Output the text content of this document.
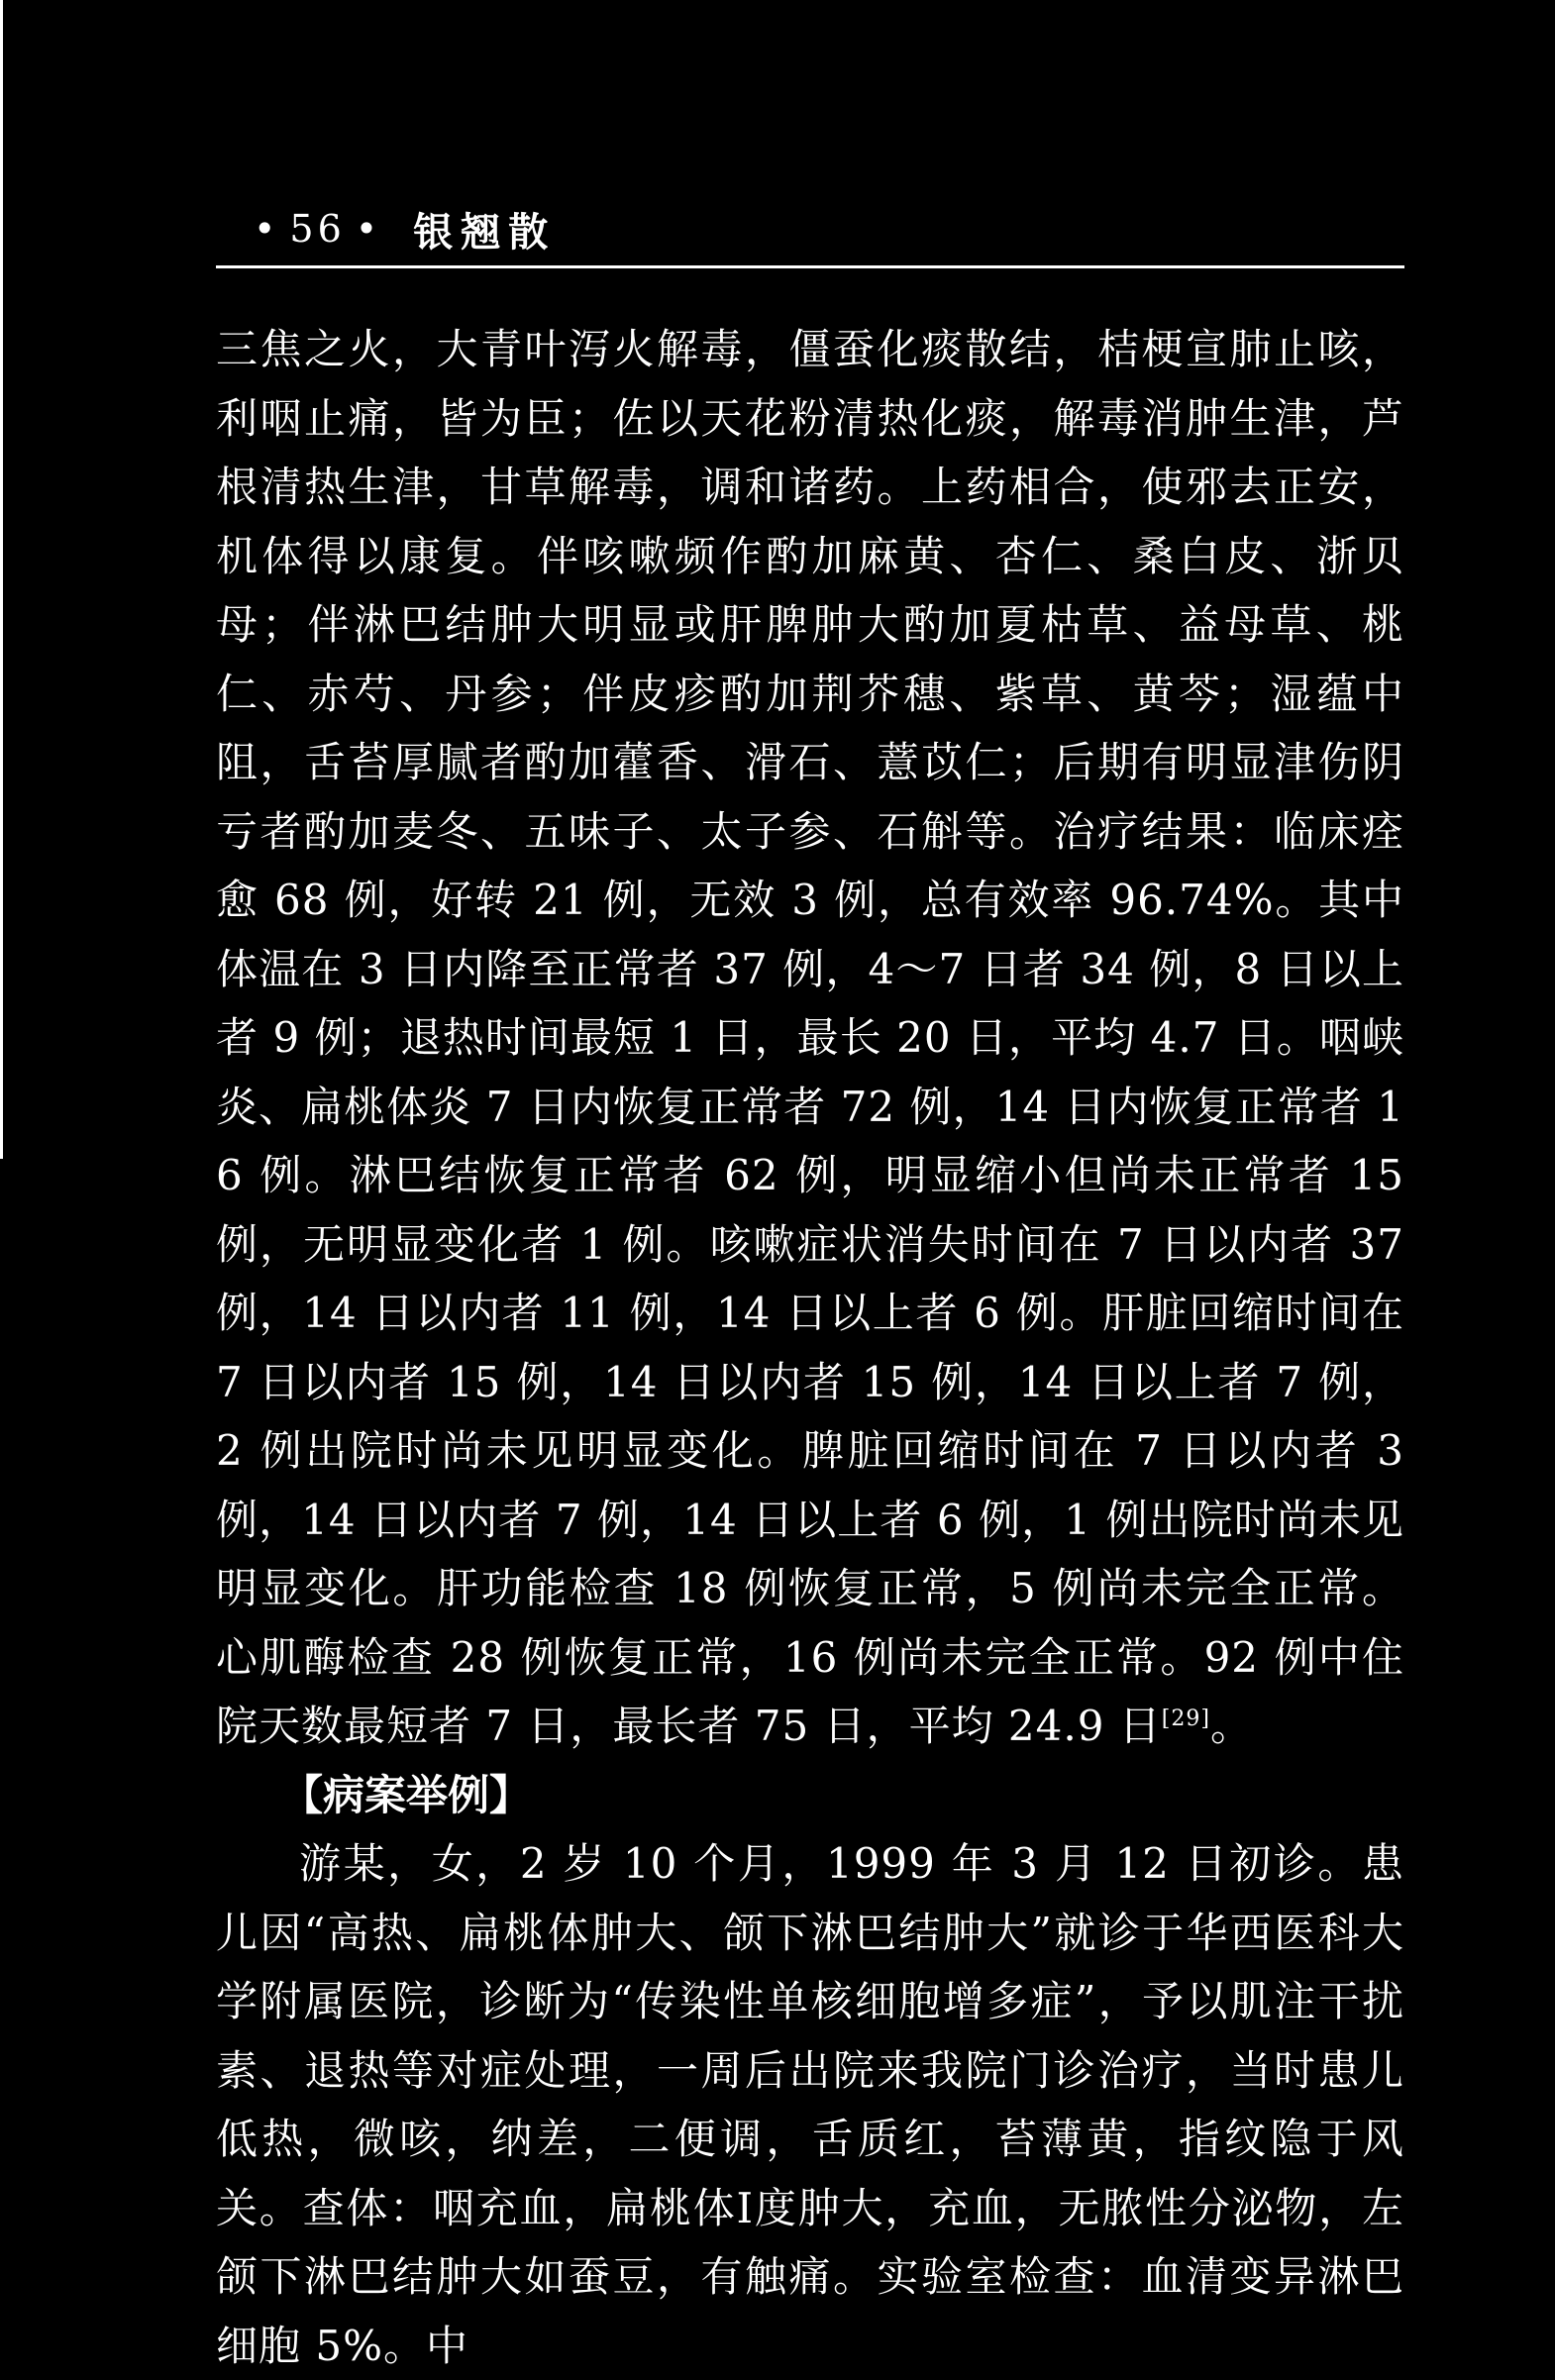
• 56 • 银翘散

三焦之火，大青叶泻火解毒，僵蚕化痰散结，桔梗宣肺止咳，利咽止痛，皆为臣；佐以天花粉清热化痰，解毒消肿生津，芦根清热生津，甘草解毒，调和诸药。上药相合，使邪去正安，机体得以康复。伴咳嗽频作酌加麻黄、杏仁、桑白皮、浙贝母；伴淋巴结肿大明显或肝脾肿大酌加夏枯草、益母草、桃仁、赤芍、丹参；伴皮疹酌加荆芥穗、紫草、黄芩；湿蕴中阻，舌苔厚腻者酌加藿香、滑石、薏苡仁；后期有明显津伤阴亏者酌加麦冬、五味子、太子参、石斛等。治疗结果：临床痊愈 68 例，好转 21 例，无效 3 例，总有效率 96.74%。其中体温在 3 日内降至正常者 37 例，4～7 日者 34 例，8 日以上者 9 例；退热时间最短 1 日，最长 20 日，平均 4.7 日。咽峡炎、扁桃体炎 7 日内恢复正常者 72 例，14 日内恢复正常者 16 例。淋巴结恢复正常者 62 例，明显缩小但尚未正常者 15 例，无明显变化者 1 例。咳嗽症状消失时间在 7 日以内者 37 例，14 日以内者 11 例，14 日以上者 6 例。肝脏回缩时间在 7 日以内者 15 例，14 日以内者 15 例，14 日以上者 7 例，2 例出院时尚未见明显变化。脾脏回缩时间在 7 日以内者 3 例，14 日以内者 7 例，14 日以上者 6 例，1 例出院时尚未见明显变化。肝功能检查 18 例恢复正常，5 例尚未完全正常。心肌酶检查 28 例恢复正常，16 例尚未完全正常。92 例中住院天数最短者 7 日，最长者 75 日，平均 24.9 日[29]。

【病案举例】

游某，女，2 岁 10 个月，1999 年 3 月 12 日初诊。患儿因“高热、扁桃体肿大、颌下淋巴结肿大”就诊于华西医科大学附属医院，诊断为“传染性单核细胞增多症”，予以肌注干扰素、退热等对症处理，一周后出院来我院门诊治疗，当时患儿低热，微咳，纳差，二便调，舌质红，苔薄黄，指纹隐于风关。查体：咽充血，扁桃体Ⅰ度肿大，充血，无脓性分泌物，左颌下淋巴结肿大如蚕豆，有触痛。实验室检查：血清变异淋巴细胞 5%。中
